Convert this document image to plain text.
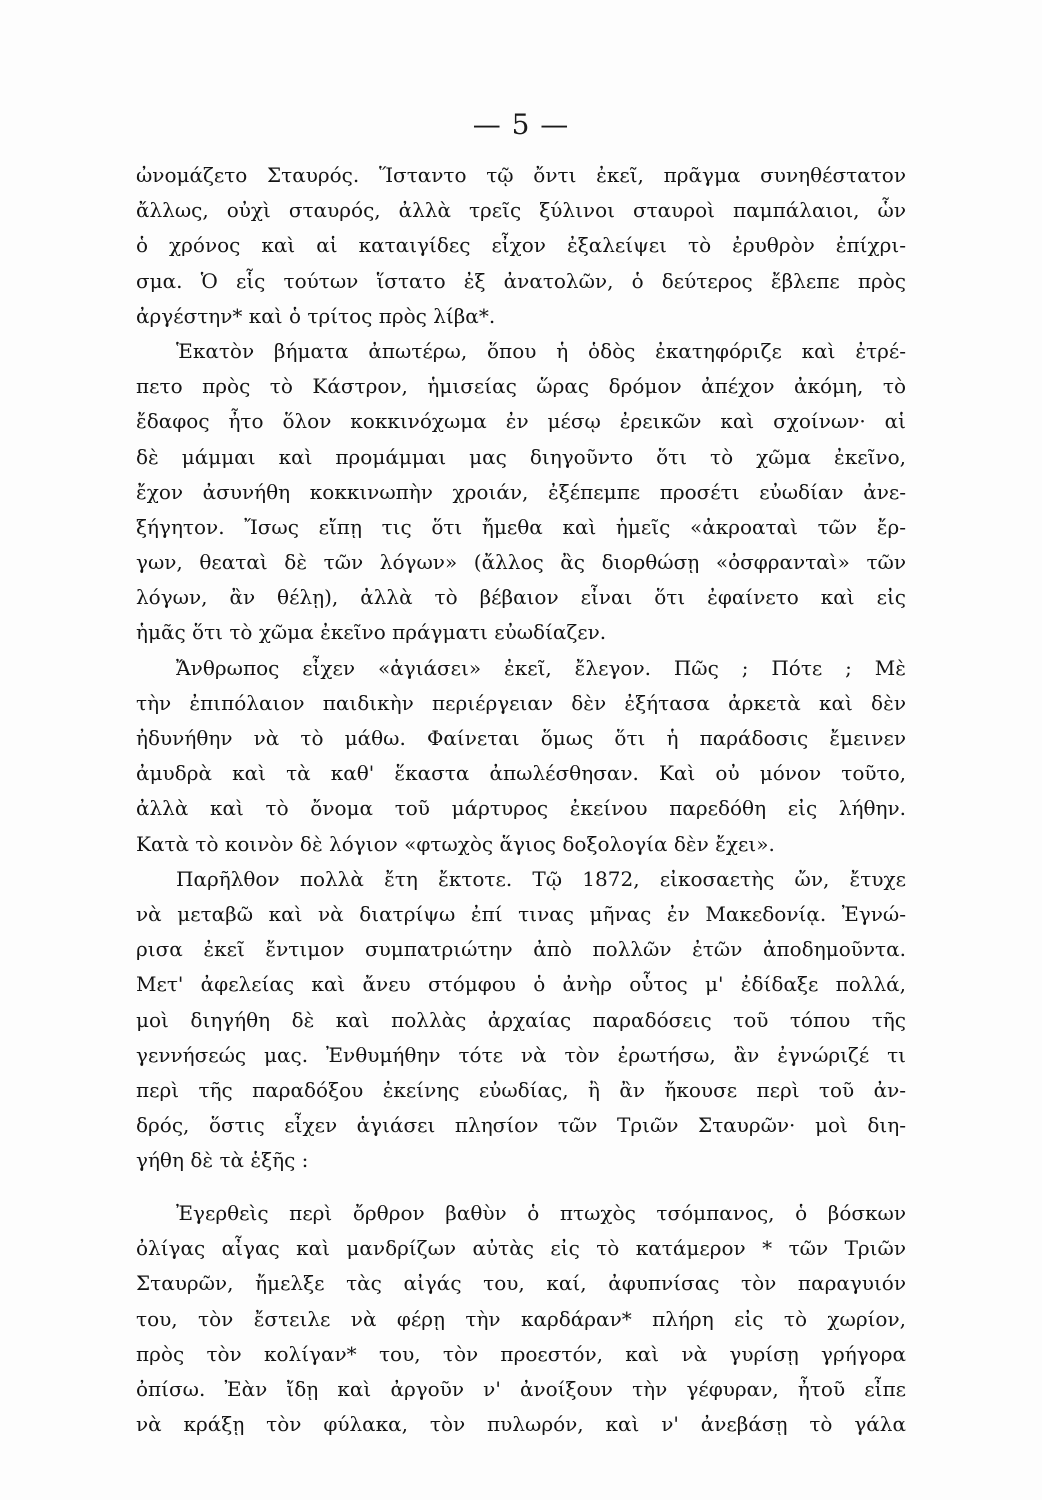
— 5 —
ὠνομάζετο Σταυρός. Ἵσταντο τῷ ὄντι ἐκεῖ, πρᾶγμα συνηθέστατον
ἄλλως, οὐχὶ σταυρός, ἀλλὰ τρεῖς ξύλινοι σταυροὶ παμπάλαιοι, ὧν
ὁ χρόνος καὶ αἱ καταιγίδες εἶχον ἐξαλείψει τὸ ἐρυθρὸν ἐπίχρι-
σμα. Ὁ εἷς τούτων ἵστατο ἐξ ἀνατολῶν, ὁ δεύτερος ἔβλεπε πρὸς
ἀργέστην* καὶ ὁ τρίτος πρὸς λίβα*.
Ἑκατὸν βήματα ἀπωτέρω, ὅπου ἡ ὁδὸς ἐκατηφόριζε καὶ ἐτρέ-
πετο πρὸς τὸ Κάστρον, ἡμισείας ὥρας δρόμον ἀπέχον ἀκόμη, τὸ
ἔδαφος ἦτο ὅλον κοκκινόχωμα ἐν μέσῳ ἐρεικῶν καὶ σχοίνων· αἱ
δὲ μάμμαι καὶ προμάμμαι μας διηγοῦντο ὅτι τὸ χῶμα ἐκεῖνο,
ἔχον ἀσυνήθη κοκκινωπὴν χροιάν, ἐξέπεμπε προσέτι εὐωδίαν ἀνε-
ξήγητον. Ἴσως εἴπῃ τις ὅτι ἤμεθα καὶ ἡμεῖς «ἀκροαταὶ τῶν ἔρ-
γων, θεαταὶ δὲ τῶν λόγων» (ἄλλος ἂς διορθώσῃ «ὀσφρανταὶ» τῶν
λόγων, ἂν θέλῃ), ἀλλὰ τὸ βέβαιον εἶναι ὅτι ἐφαίνετο καὶ εἰς
ἡμᾶς ὅτι τὸ χῶμα ἐκεῖνο πράγματι εὐωδίαζεν.
Ἄνθρωπος εἶχεν «ἁγιάσει» ἐκεῖ, ἔλεγον. Πῶς ; Πότε ; Μὲ
τὴν ἐπιπόλαιον παιδικὴν περιέργειαν δὲν ἐξήτασα ἀρκετὰ καὶ δὲν
ἠδυνήθην νὰ τὸ μάθω. Φαίνεται ὅμως ὅτι ἡ παράδοσις ἔμεινεν
ἀμυδρὰ καὶ τὰ καθ' ἕκαστα ἀπωλέσθησαν. Καὶ οὐ μόνον τοῦτο,
ἀλλὰ καὶ τὸ ὄνομα τοῦ μάρτυρος ἐκείνου παρεδόθη εἰς λήθην.
Κατὰ τὸ κοινὸν δὲ λόγιον «φτωχὸς ἅγιος δοξολογία δὲν ἔχει».
Παρῆλθον πολλὰ ἔτη ἔκτοτε. Τῷ 1872, εἰκοσαετὴς ὤν, ἔτυχε
νὰ μεταβῶ καὶ νὰ διατρίψω ἐπί τινας μῆνας ἐν Μακεδονίᾳ. Ἐγνώ-
ρισα ἐκεῖ ἔντιμον συμπατριώτην ἀπὸ πολλῶν ἐτῶν ἀποδημοῦντα.
Μετ' ἀφελείας καὶ ἄνευ στόμφου ὁ ἀνὴρ οὗτος μ' ἐδίδαξε πολλά,
μοὶ διηγήθη δὲ καὶ πολλὰς ἀρχαίας παραδόσεις τοῦ τόπου τῆς
γεννήσεώς μας. Ἐνθυμήθην τότε νὰ τὸν ἐρωτήσω, ἂν ἐγνώριζέ τι
περὶ τῆς παραδόξου ἐκείνης εὐωδίας, ἢ ἂν ἤκουσε περὶ τοῦ ἀν-
δρός, ὅστις εἶχεν ἁγιάσει πλησίον τῶν Τριῶν Σταυρῶν· μοὶ διη-
γήθη δὲ τὰ ἑξῆς :
Ἐγερθεὶς περὶ ὄρθρον βαθὺν ὁ πτωχὸς τσόμπανος, ὁ βόσκων
ὀλίγας αἶγας καὶ μανδρίζων αὐτὰς εἰς τὸ κατάμερον * τῶν Τριῶν
Σταυρῶν, ἤμελξε τὰς αἰγάς του, καί, ἀφυπνίσας τὸν παραγυιόν
του, τὸν ἔστειλε νὰ φέρῃ τὴν καρδάραν* πλήρη εἰς τὸ χωρίον,
πρὸς τὸν κολίγαν* του, τὸν προεστόν, καὶ νὰ γυρίσῃ γρήγορα
ὀπίσω. Ἐὰν ἴδῃ καὶ ἀργοῦν ν' ἀνοίξουν τὴν γέφυραν, ἦτοῦ εἶπε
νὰ κράξῃ τὸν φύλακα, τὸν πυλωρόν, καὶ ν' ἀνεβάσῃ τὸ γάλα
